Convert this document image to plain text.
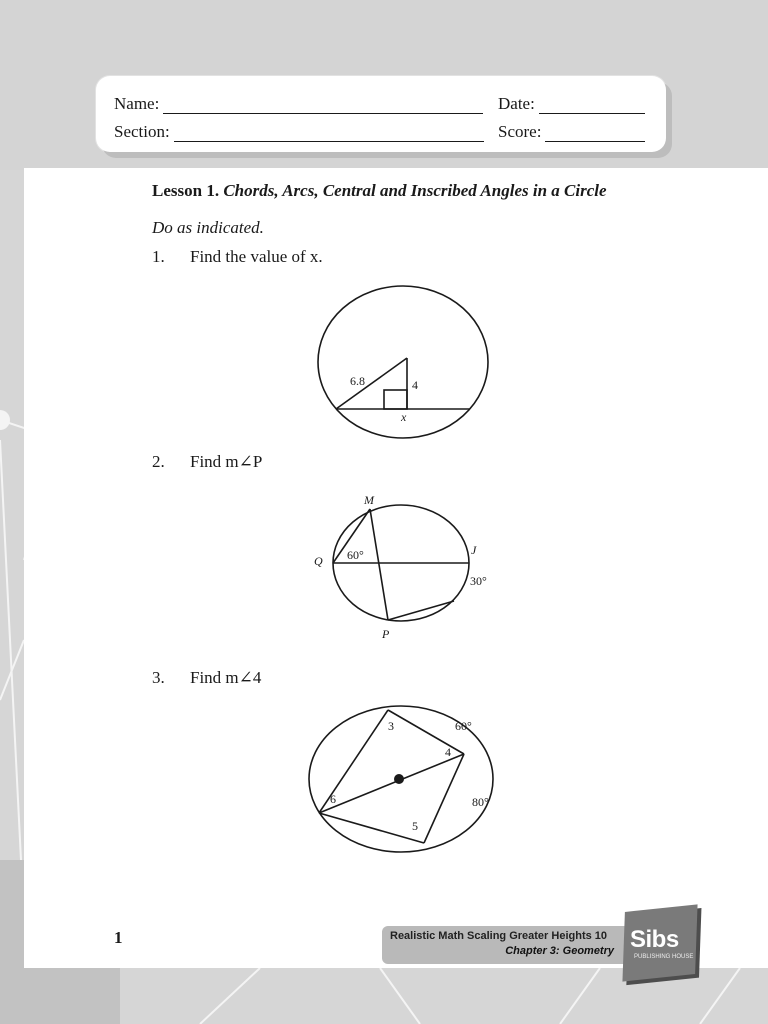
Name:	Date:
Section:	Score:
Lesson 1. Chords, Arcs, Central and Inscribed Angles in a Circle
Do as indicated.
1. Find the value of x.
6.8	4
x
2. Find m∠P
M
Q
J
P
60°
30°
3. Find m∠4
3
4
5
6
60°
80°
1	Realistic Math Scaling Greater Heights 10
Chapter 3: Geometry Sibs
PUBLISHING HOUSE
